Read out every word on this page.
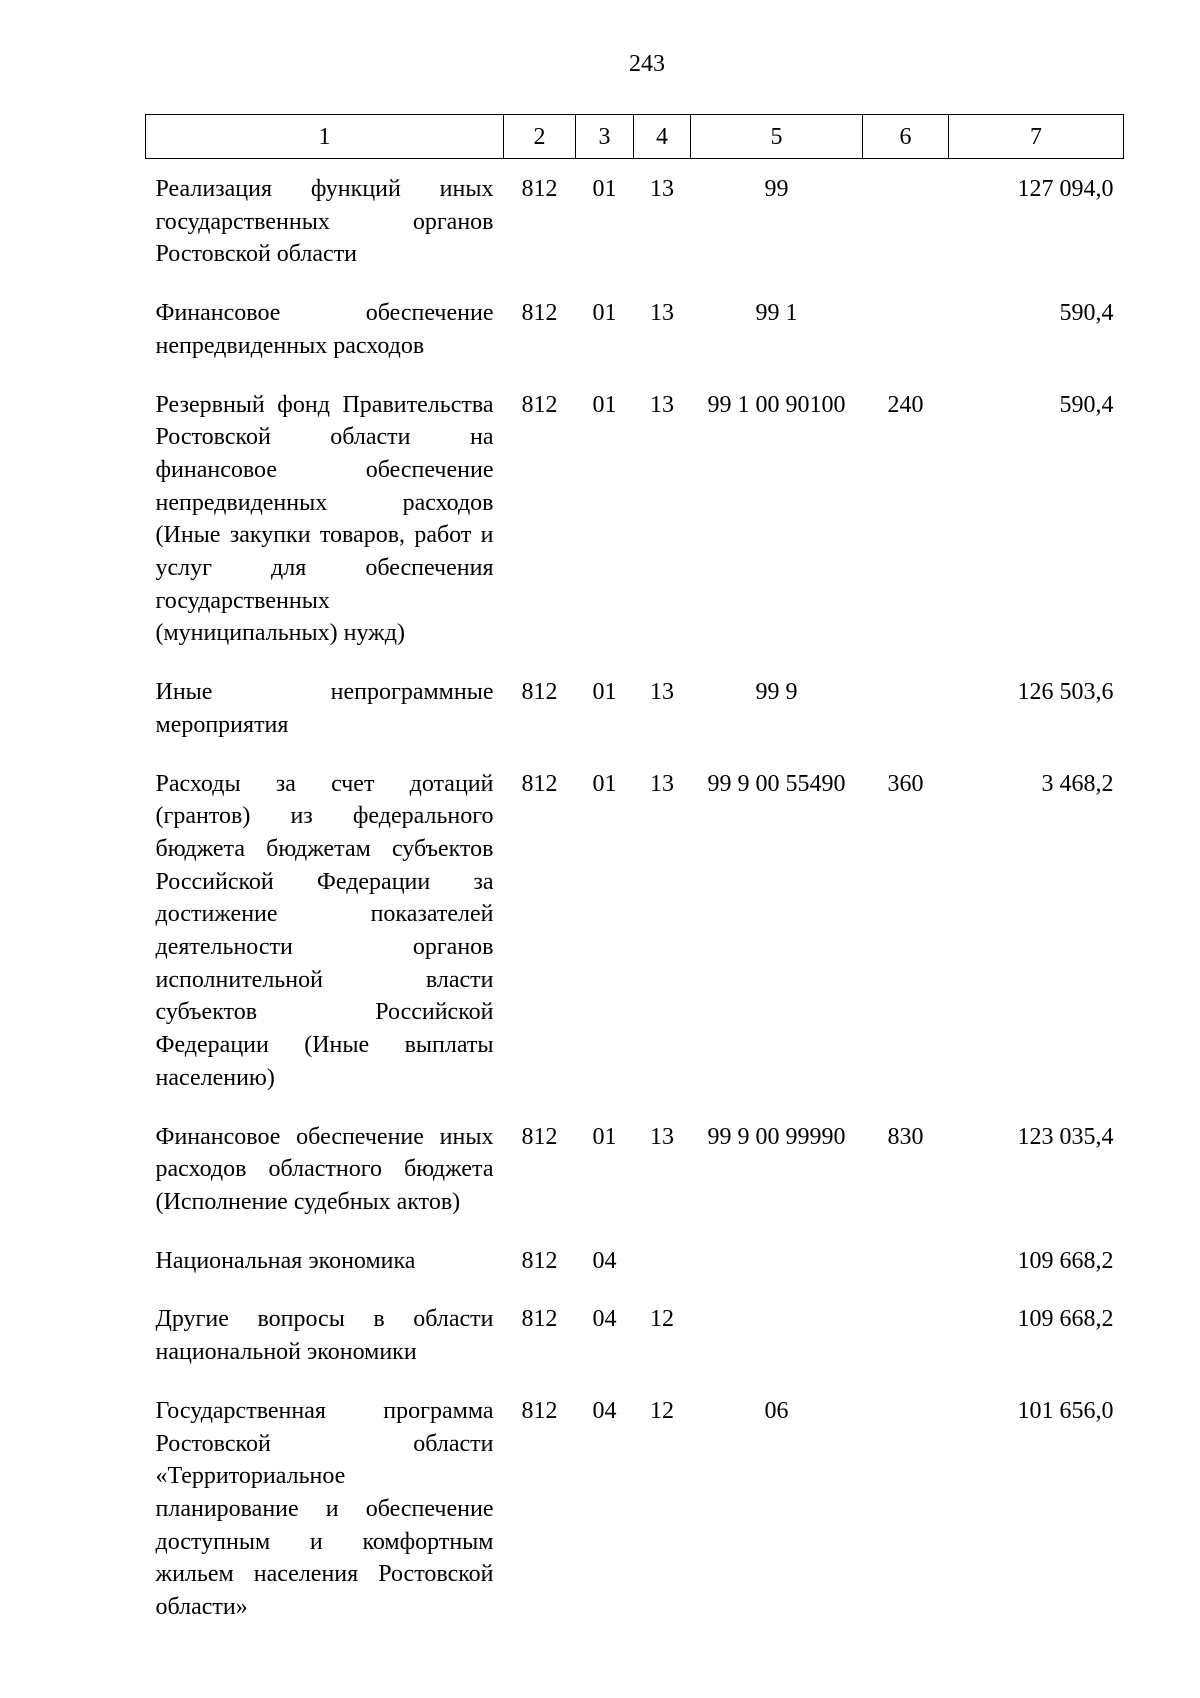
243
1	2	3	4	5	6	7
Реализация функций иных государственных органов Ростовской области	812	01	13	99		127 094,0
Финансовое обеспечение непредвиденных расходов	812	01	13	99 1		590,4
Резервный фонд Правительства Ростовской области на финансовое обеспечение непредвиденных расходов (Иные закупки товаров, работ и услуг для обеспечения государственных (муниципальных) нужд)	812	01	13	99 1 00 90100	240	590,4
Иные непрограммные мероприятия	812	01	13	99 9		126 503,6
Расходы за счет дотаций (грантов) из федерального бюджета бюджетам субъектов Российской Федерации за достижение показателей деятельности органов исполнительной власти субъектов Российской Федерации (Иные выплаты населению)	812	01	13	99 9 00 55490	360	3 468,2
Финансовое обеспечение иных расходов областного бюджета (Исполнение судебных актов)	812	01	13	99 9 00 99990	830	123 035,4
Национальная экономика	812	04				109 668,2
Другие вопросы в области национальной экономики	812	04	12			109 668,2
Государственная программа Ростовской области «Территориальное планирование и обеспечение доступным и комфортным жильем населения Ростовской области»	812	04	12	06		101 656,0
